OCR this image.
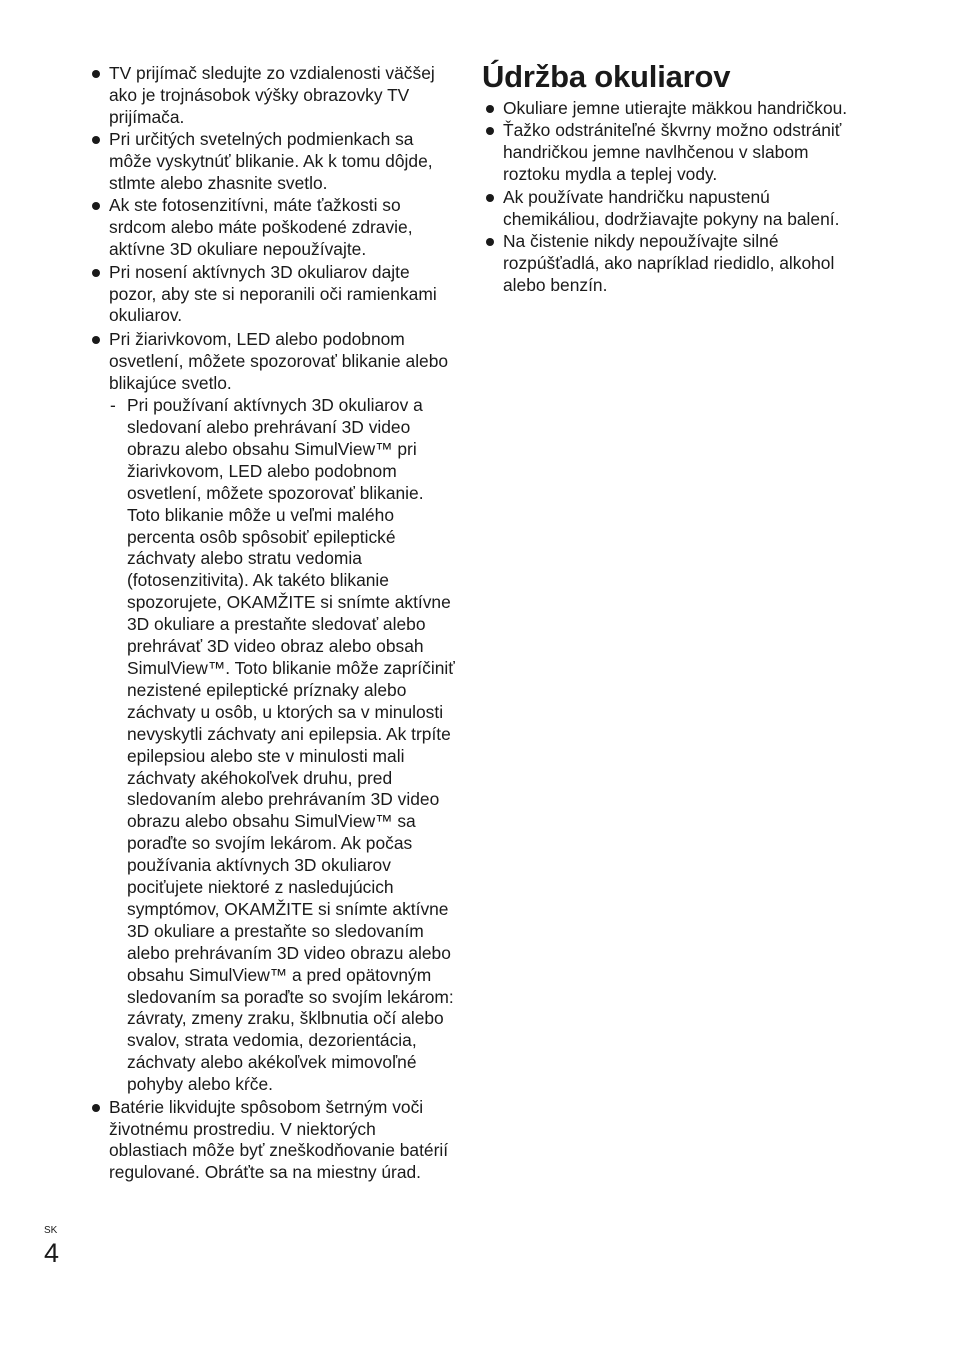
TV prijímač sledujte zo vzdialenosti väčšej ako je trojnásobok výšky obrazovky TV prijímača.
Pri určitých svetelných podmienkach sa môže vyskytnúť blikanie. Ak k tomu dôjde, stlmte alebo zhasnite svetlo.
Ak ste fotosenzitívni, máte ťažkosti so srdcom alebo máte poškodené zdravie, aktívne 3D okuliare nepoužívajte.
Pri nosení aktívnych 3D okuliarov dajte pozor, aby ste si neporanili oči ramienkami okuliarov.
Pri žiarivkovom, LED alebo podobnom osvetlení, môžete spozorovať blikanie alebo blikajúce svetlo.
- Pri používaní aktívnych 3D okuliarov a sledovaní alebo prehrávaní 3D video obrazu alebo obsahu SimulView™ pri žiarivkovom, LED alebo podobnom osvetlení, môžete spozorovať blikanie. Toto blikanie môže u veľmi malého percenta osôb spôsobiť epileptické záchvaty alebo stratu vedomia (fotosenzitivita). Ak takéto blikanie spozorujete, OKAMŽITE si snímte aktívne 3D okuliare a prestaňte sledovať alebo prehrávať 3D video obraz alebo obsah SimulView™. Toto blikanie môže zapríčiniť nezistené epileptické príznaky alebo záchvaty u osôb, u ktorých sa v minulosti nevyskytli záchvaty ani epilepsia. Ak trpíte epilepsiou alebo ste v minulosti mali záchvaty akéhokoľvek druhu, pred sledovaním alebo prehrávaním 3D video obrazu alebo obsahu SimulView™ sa poraďte so svojím lekárom. Ak počas používania aktívnych 3D okuliarov pociťujete niektoré z nasledujúcich symptómov, OKAMŽITE si snímte aktívne 3D okuliare a prestaňte so sledovaním alebo prehrávaním 3D video obrazu alebo obsahu SimulView™ a pred opätovným sledovaním sa poraďte so svojím lekárom: závraty, zmeny zraku, šklbnutia očí alebo svalov, strata vedomia, dezorientácia, záchvaty alebo akékoľvek mimovoľné pohyby alebo kŕče.
Batérie likvidujte spôsobom šetrným voči životnému prostrediu. V niektorých oblastiach môže byť zneškodňovanie batérií regulované. Obráťte sa na miestny úrad.
Údržba okuliarov
Okuliare jemne utierajte mäkkou handričkou.
Ťažko odstrániteľné škvrny možno odstrániť handričkou jemne navlhčenou v slabom roztoku mydla a teplej vody.
Ak používate handričku napustenú chemikáliou, dodržiavajte pokyny na balení.
Na čistenie nikdy nepoužívajte silné rozpúšťadlá, ako napríklad riedidlo, alkohol alebo benzín.
SK
4
